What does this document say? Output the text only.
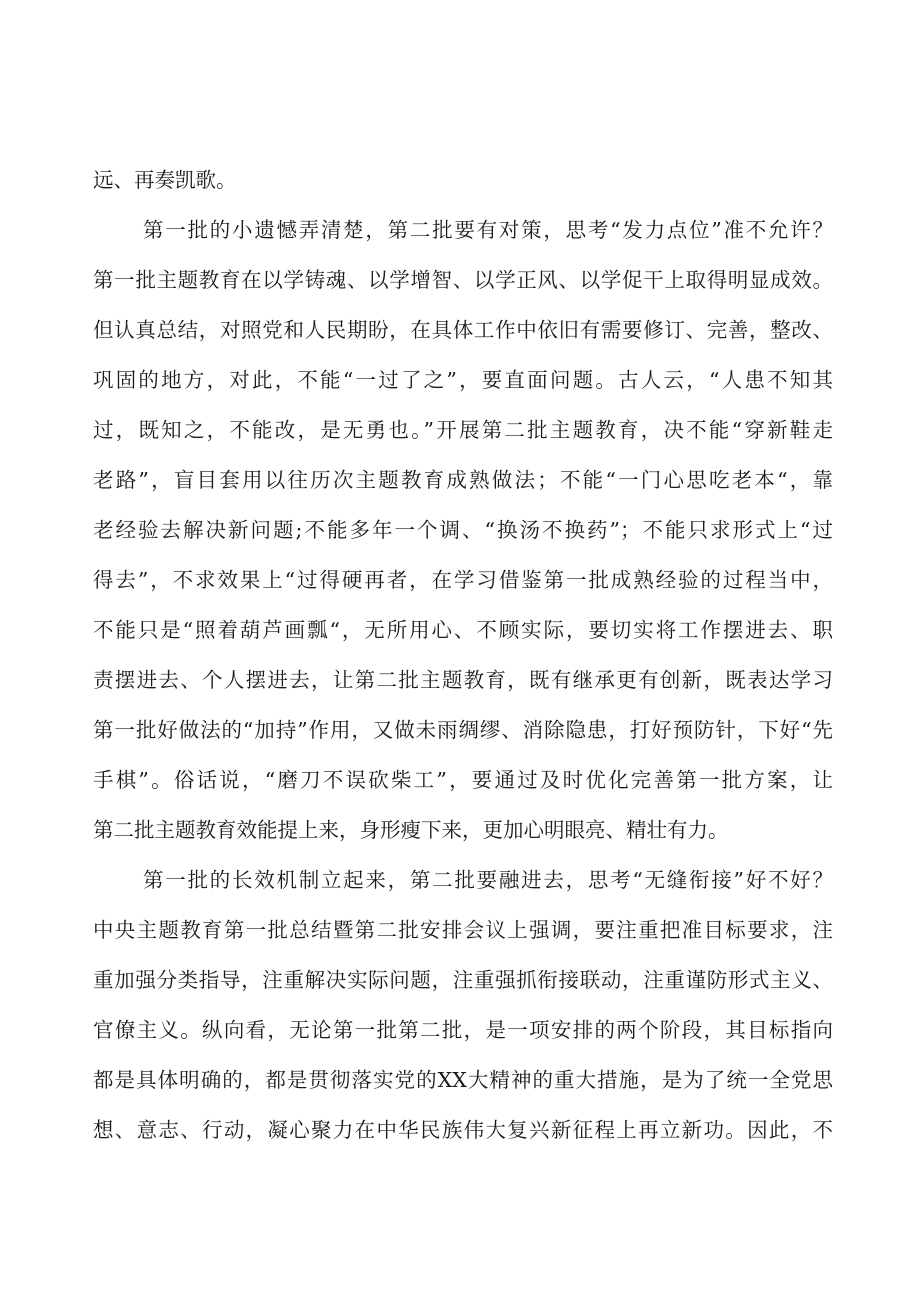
远、再奏凯歌。
第一批的小遗憾弄清楚，第二批要有对策，思考“发力点位”准不允许？
第一批主题教育在以学铸魂、以学增智、以学正风、以学促干上取得明显成效。
但认真总结，对照党和人民期盼，在具体工作中依旧有需要修订、完善，整改、
巩固的地方，对此，不能“一过了之”，要直面问题。古人云，“人患不知其
过，既知之，不能改，是无勇也。”开展第二批主题教育，决不能“穿新鞋走
老路”，盲目套用以往历次主题教育成熟做法；不能“一门心思吃老本“，靠
老经验去解决新问题;不能多年一个调、“换汤不换药”；不能只求形式上“过
得去”，不求效果上“过得硬再者，在学习借鉴第一批成熟经验的过程当中，
不能只是“照着葫芦画瓢“，无所用心、不顾实际，要切实将工作摆进去、职
责摆进去、个人摆进去，让第二批主题教育，既有继承更有创新，既表达学习
第一批好做法的“加持”作用，又做未雨绸缪、消除隐患，打好预防针，下好“先
手棋”。俗话说，“磨刀不误砍柴工”，要通过及时优化完善第一批方案，让
第二批主题教育效能提上来，身形瘦下来，更加心明眼亮、精壮有力。
第一批的长效机制立起来，第二批要融进去，思考“无缝衔接”好不好？
中央主题教育第一批总结暨第二批安排会议上强调，要注重把准目标要求，注
重加强分类指导，注重解决实际问题，注重强抓衔接联动，注重谨防形式主义、
官僚主义。纵向看，无论第一批第二批，是一项安排的两个阶段，其目标指向
都是具体明确的，都是贯彻落实党的XX大精神的重大措施，是为了统一全党思
想、意志、行动，凝心聚力在中华民族伟大复兴新征程上再立新功。因此，不
